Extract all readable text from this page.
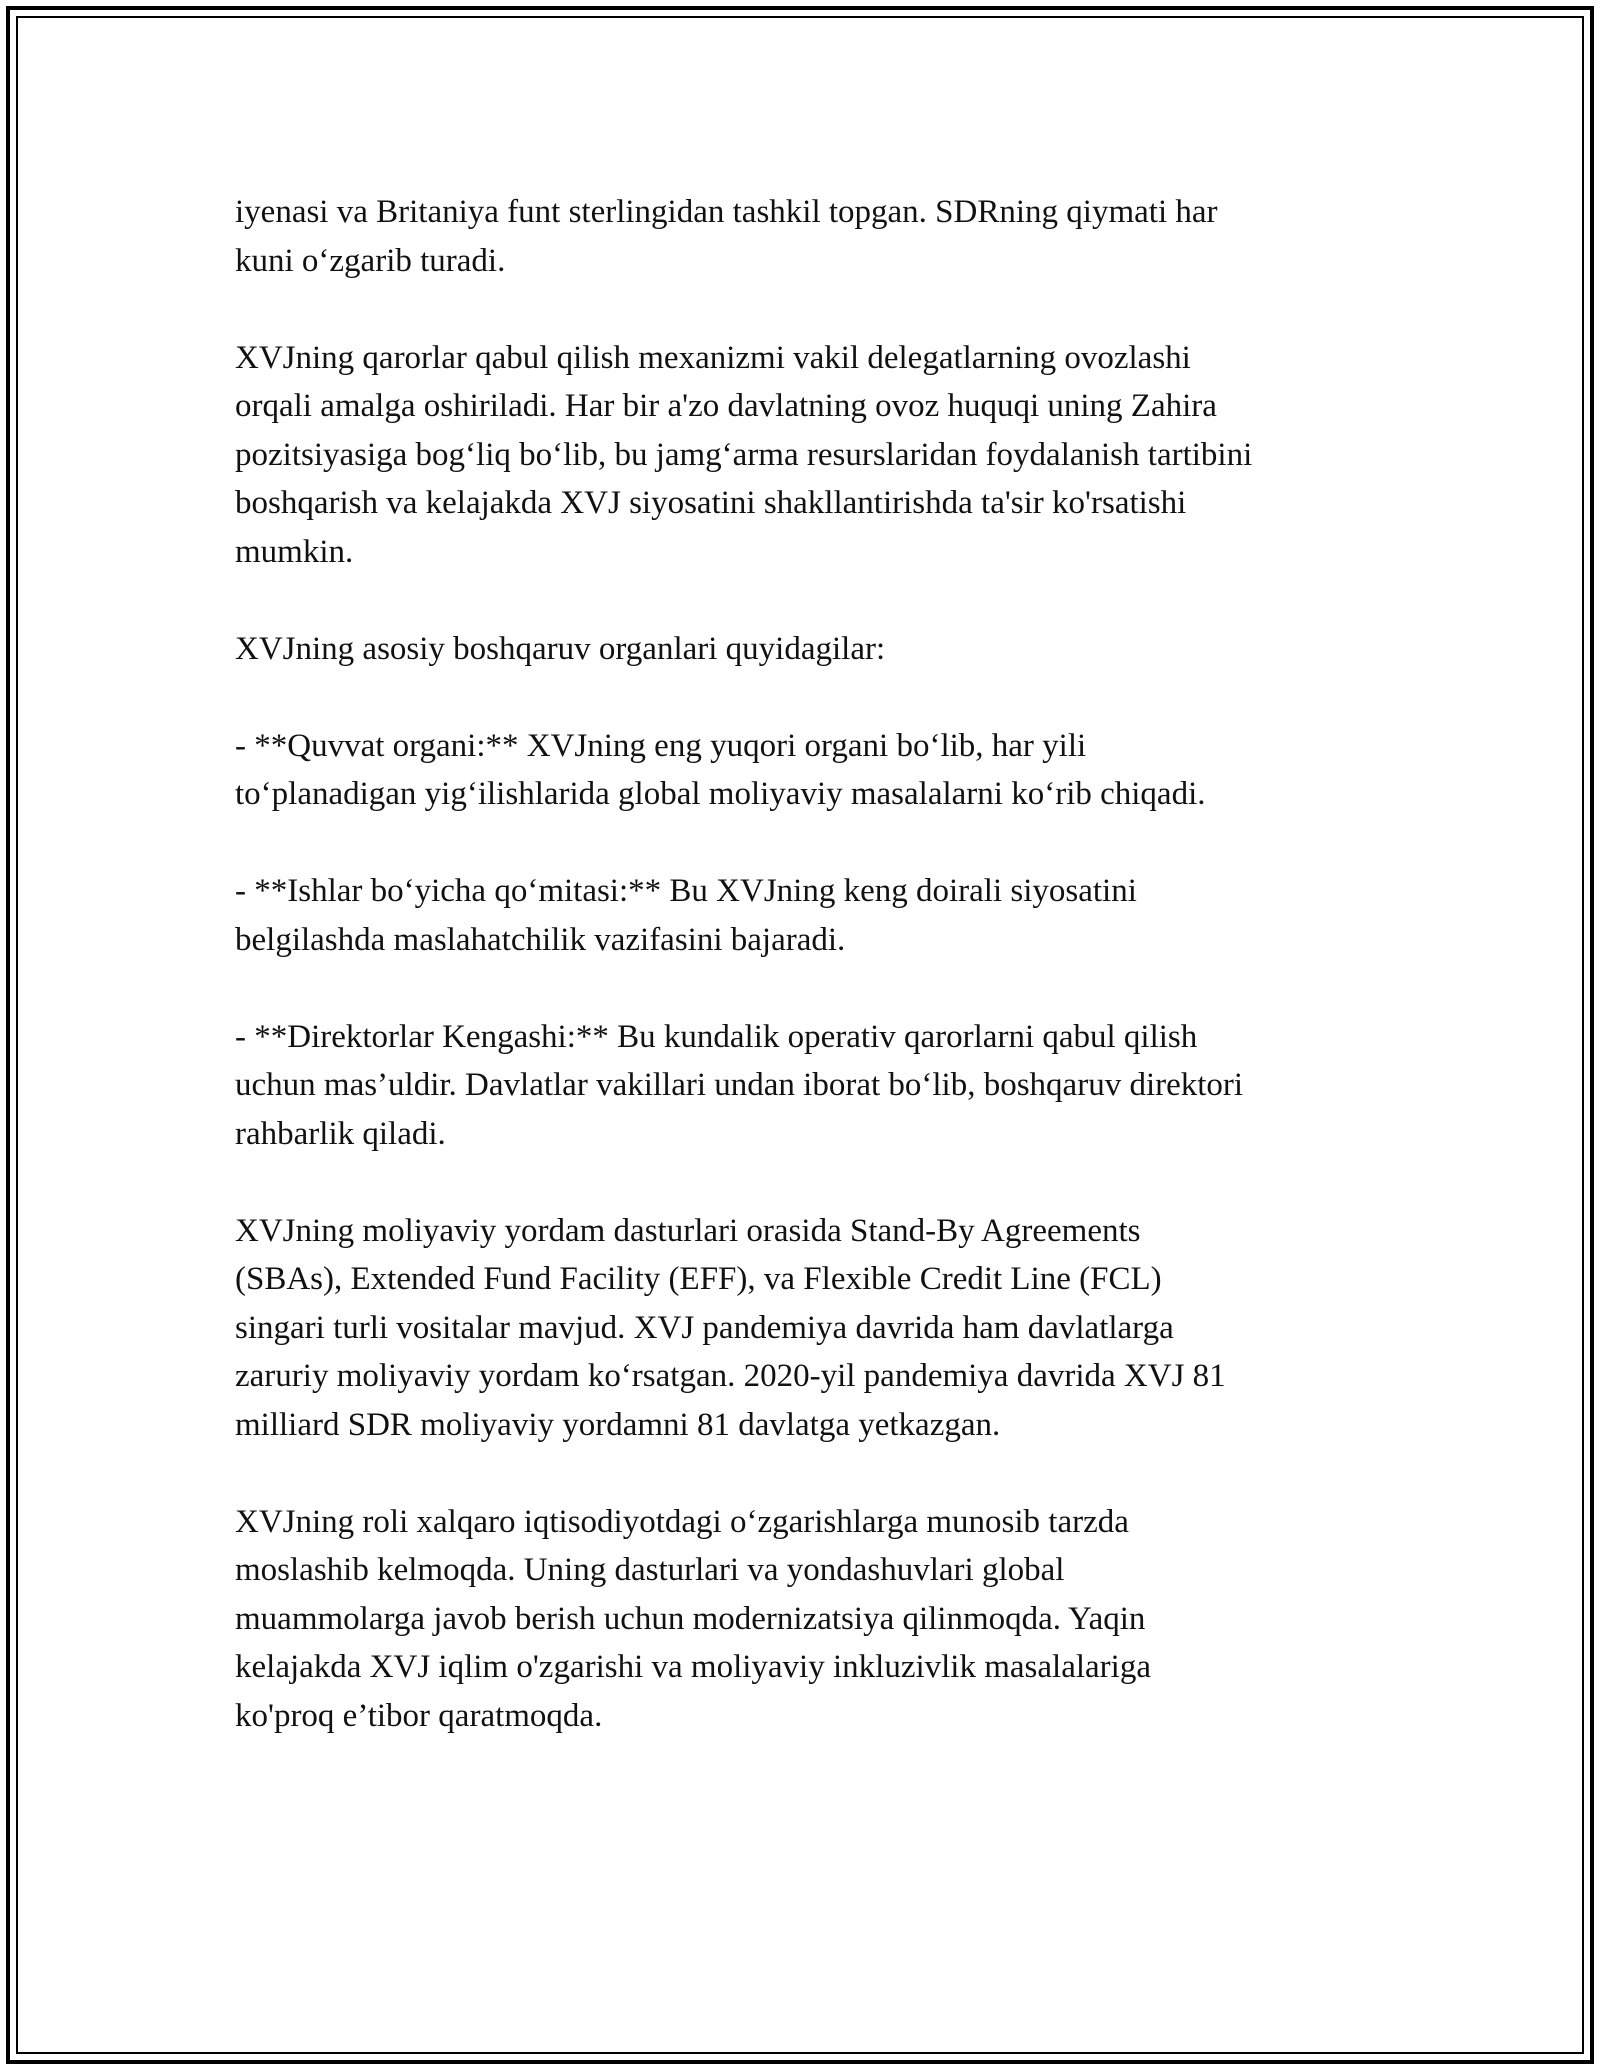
iyenasi va Britaniya funt sterlingidan tashkil topgan. SDRning qiymati har
kuni o‘zgarib turadi.

XVJning qarorlar qabul qilish mexanizmi vakil delegatlarning ovozlashi
orqali amalga oshiriladi. Har bir a'zo davlatning ovoz huquqi uning Zahira
pozitsiyasiga bog‘liq bo‘lib, bu jamg‘arma resurslaridan foydalanish tartibini
boshqarish va kelajakda XVJ siyosatini shakllantirishda ta'sir ko'rsatishi
mumkin.

XVJning asosiy boshqaruv organlari quyidagilar:

- **Quvvat organi:** XVJning eng yuqori organi bo‘lib, har yili
to‘planadigan yig‘ilishlarida global moliyaviy masalalarni ko‘rib chiqadi.

- **Ishlar bo‘yicha qo‘mitasi:** Bu XVJning keng doirali siyosatini
belgilashda maslahatchilik vazifasini bajaradi.

- **Direktorlar Kengashi:** Bu kundalik operativ qarorlarni qabul qilish
uchun mas’uldir. Davlatlar vakillari undan iborat bo‘lib, boshqaruv direktori
rahbarlik qiladi.

XVJning moliyaviy yordam dasturlari orasida Stand-By Agreements
(SBAs), Extended Fund Facility (EFF), va Flexible Credit Line (FCL)
singari turli vositalar mavjud. XVJ pandemiya davrida ham davlatlarga
zaruriy moliyaviy yordam ko‘rsatgan. 2020-yil pandemiya davrida XVJ 81
milliard SDR moliyaviy yordamni 81 davlatga yetkazgan.

XVJning roli xalqaro iqtisodiyotdagi o‘zgarishlarga munosib tarzda
moslashib kelmoqda. Uning dasturlari va yondashuvlari global
muammolarga javob berish uchun modernizatsiya qilinmoqda. Yaqin
kelajakda XVJ iqlim o'zgarishi va moliyaviy inkluzivlik masalalariga
ko'proq e’tibor qaratmoqda.
